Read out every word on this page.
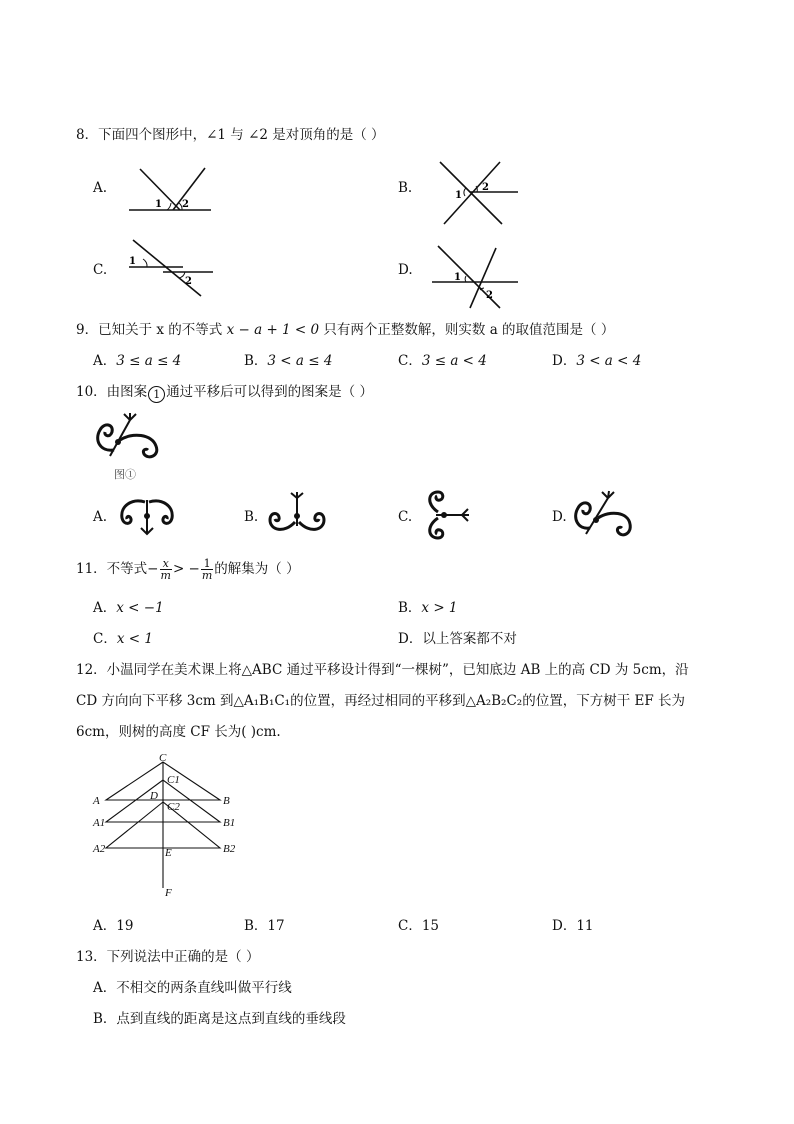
8．下面四个图形中，∠1 与 ∠2 是对顶角的是（ ）
A.
1 2
B.	1
2
C.
1
2
D.	1
2
9．已知关于 x 的不等式 x − a + 1 < 0 只有两个正整数解，则实数 a 的取值范围是（ ）
A．3 ≤ a ≤ 4	B．3 < a ≤ 4	C．3 ≤ a < 4	D．3 < a < 4
10．由图案 1 通过平移后可以得到的图案是（ ）
图①
A.	B.	C.	D.
11．不等式− $\frac{x}{m}$ > − $\frac{1}{m}$ 的解集为（ ）
A．x < −1	B．x > 1
C．x < 1	D．以上答案都不对
12．小温同学在美术课上将△ABC 通过平移设计得到“一棵树”，已知底边 AB 上的高 CD 为 5cm，沿
CD 方向向下平移 3cm 到△A₁B₁C₁的位置，再经过相同的平移到△A₂B₂C₂的位置，下方树干 EF 长为
6cm，则树的高度 CF 长为( )cm.
C
C1
D
C2
A	B
A1	B1
A2	B2
E
F
A．19	B．17	C．15	D．11
13．下列说法中正确的是（ ）
A．不相交的两条直线叫做平行线
B．点到直线的距离是这点到直线的垂线段
